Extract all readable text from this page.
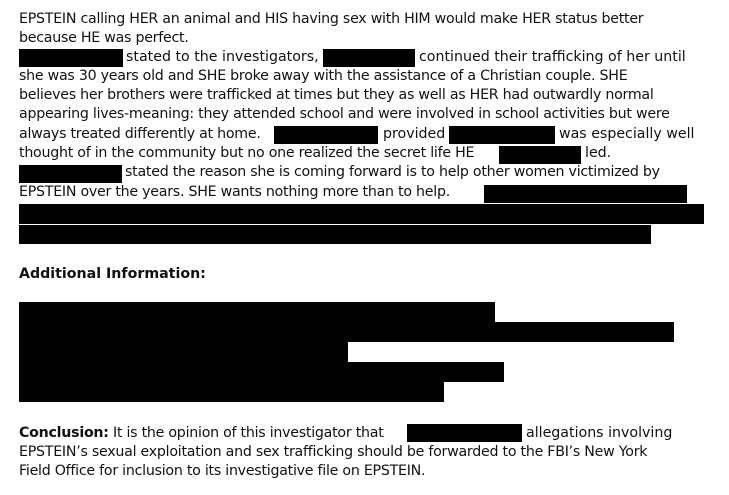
EPSTEIN calling HER an animal and HIS having sex with HIM would make HER status better
because HE was perfect.
stated to the investigators,	continued their trafficking of her until
she was 30 years old and SHE broke away with the assistance of a Christian couple. SHE
believes her brothers were trafficked at times but they as well as HER had outwardly normal
appearing lives-meaning: they attended school and were involved in school activities but were
always treated differently at home.	provided	was especially well
thought of in the community but no one realized the secret life HE	led.
stated the reason she is coming forward is to help other women victimized by
EPSTEIN over the years. SHE wants nothing more than to help.
Additional Information:
Conclusion: It is the opinion of this investigator that	allegations involving
EPSTEIN’s sexual exploitation and sex trafficking should be forwarded to the FBI’s New York
Field Office for inclusion to its investigative file on EPSTEIN.
